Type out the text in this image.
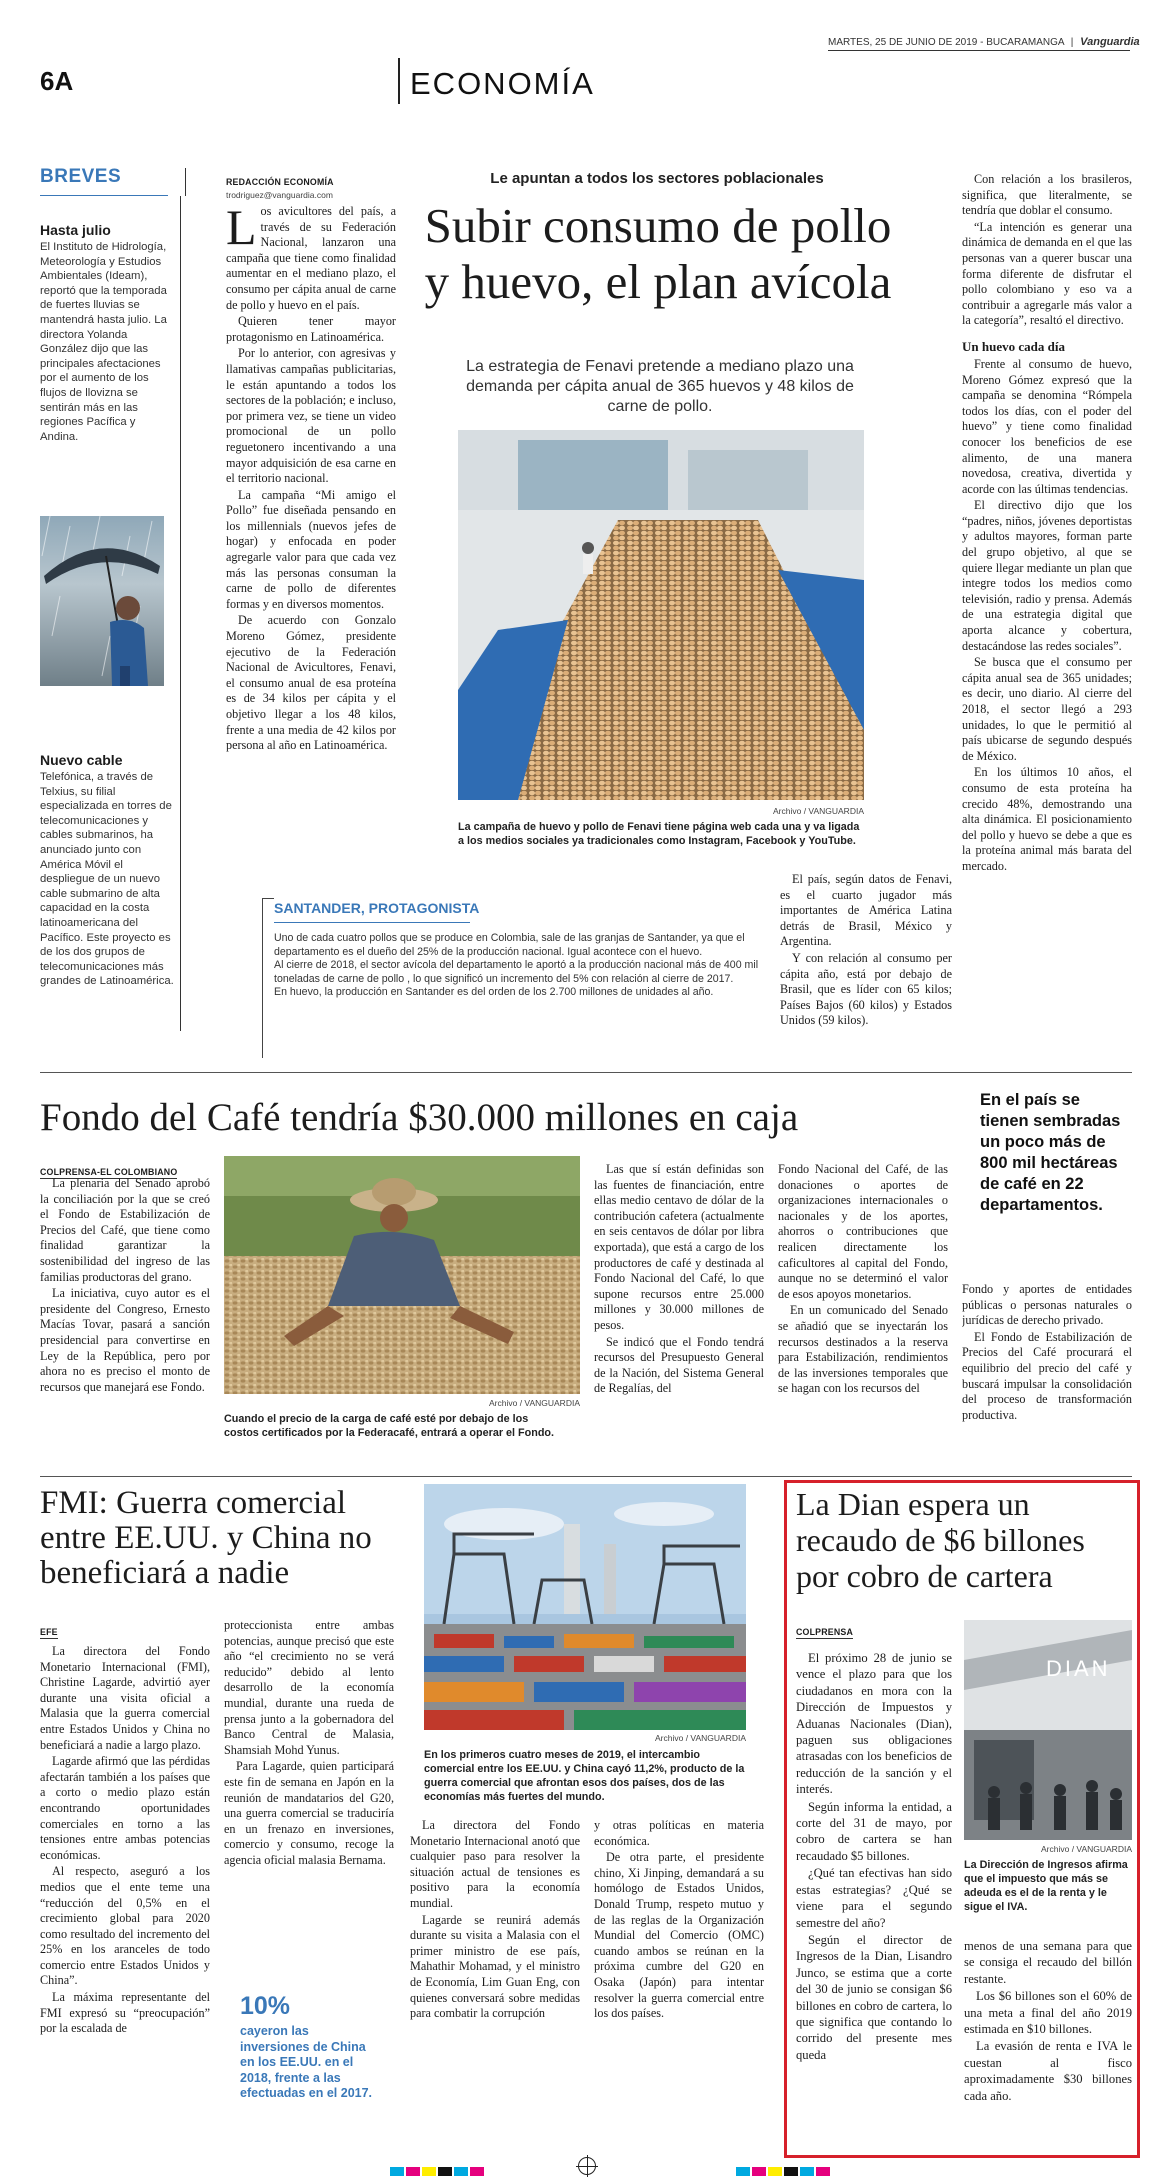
6A	ECONOMÍA
MARTES, 25 DE JUNIO DE 2019 - BUCARAMANGA | Vanguardia
BREVES
Hasta julio
El Instituto de Hidrología, Meteorología y Estudios Ambientales (Ideam), reportó que la temporada de fuertes lluvias se mantendrá hasta julio. La directora Yolanda González dijo que las principales afectaciones por el aumento de los flujos de lloviznа se sentirán más en las regiones Pacífica y Andina.
Nuevo cable
Telefónica, a través de Telxius, su filial especializada en torres de telecomunicaciones y cables submarinos, ha anunciado junto con América Móvil el despliegue de un nuevo cable submarino de alta capacidad en la costa latinoamericana del Pacífico. Este proyecto es de los dos grupos de telecomunicaciones más grandes de Latinoamérica.
REDACCIÓN ECONOMÍA
trodriguez@vanguardia.com

L os avicultores del país, a través de su Federación Nacional, lanzaron una campaña que tiene como finalidad aumentar en el mediano plazo, el consumo per cápita anual de carne de pollo y huevo en el país.

Quieren tener mayor protagonismo en Latinoamérica.

Por lo anterior, con agresivas y llamativas campañas publicitarias, le están apuntando a todos los sectores de la población; e incluso, por primera vez, se tiene un video promocional de un pollo reguetonero incentivando a una mayor adquisición de esa carne en el territorio nacional.

La campaña “Mi amigo el Pollo” fue diseñada pensando en los millennials (nuevos jefes de hogar) y enfocada en poder agregarle valor para que cada vez más las personas consuman la carne de pollo de diferentes formas y en diversos momentos.

De acuerdo con Gonzalo Moreno Gómez, presidente ejecutivo de la Federación Nacional de Avicultores, Fenavi, el consumo anual de esa proteína es de 34 kilos per cápita y el objetivo llegar a los 48 kilos, frente a una media de 42 kilos por persona al año en Latinoamérica.

Le apuntan a todos los sectores poblacionales
Subir consumo de pollo
y huevo, el plan avícola
La estrategia de Fenavi pretende a mediano plazo una demanda per cápita anual de 365 huevos y 48 kilos de carne de pollo.
Archivo / VANGUARDIA
La campaña de huevo y pollo de Fenavi tiene página web cada una y va ligada a los medios sociales ya tradicionales como Instagram, Facebook y YouTube.

El país, según datos de Fenavi, es el cuarto jugador más importantes de América Latina detrás de Brasil, México y Argentina.

Y con relación al consumo per cápita año, está por debajo de Brasil, que es líder con 65 kilos; Países Bajos (60 kilos) y Estados Unidos (59 kilos).

Con relación a los brasileros, significa, que literalmente, se tendría que doblar el consumo.

“La intención es generar una dinámica de demanda en el que las personas van a querer buscar una forma diferente de disfrutar el pollo colombiano y eso va a contribuir a agregarle más valor a la categoría”, resaltó el directivo.

Un huevo cada día

Frente al consumo de huevo, Moreno Gómez expresó que la campaña se denomina “Rómpela todos los días, con el poder del huevo” y tiene como finalidad conocer los beneficios de ese alimento, de una manera novedosa, creativa, divertida y acorde con las últimas tendencias.

El directivo dijo que los “padres, niños, jóvenes deportistas y adultos mayores, forman parte del grupo objetivo, al que se quiere llegar mediante un plan que integre todos los medios como televisión, radio y prensa. Además de una estrategia digital que aporta alcance y cobertura, destacándose las redes sociales”.

Se busca que el consumo per cápita anual sea de 365 unidades; es decir, uno diario. Al cierre del 2018, el sector llegó a 293 unidades, lo que le permitió al país ubicarse de segundo después de México.

En los últimos 10 años, el consumo de esta proteína ha crecido 48%, demostrando una alta dinámica. El posicionamiento del pollo y huevo se debe a que es la proteína animal más barata del mercado.

SANTANDER, PROTAGONISTA
Uno de cada cuatro pollos que se produce en Colombia, sale de las granjas de Santander, ya que el departamento es el dueño del 25% de la producción nacional. Igual acontece con el huevo.
Al cierre de 2018, el sector avícola del departamento le aportó a la producción nacional más de 400 mil toneladas de carne de pollo , lo que significó un incremento del 5% con relación al cierre de 2017.
En huevo, la producción en Santander es del orden de los 2.700 millones de unidades al año.
Fondo del Café tendría $30.000 millones en caja
COLPRENSA-EL COLOMBIANO

La plenaria del Senado aprobó la conciliación por la que se creó el Fondo de Estabilización de Precios del Café, que tiene como finalidad garantizar la sostenibilidad del ingreso de las familias productoras del grano.

La iniciativa, cuyo autor es el presidente del Congreso, Ernesto Macías Tovar, pasará a sanción presidencial para convertirse en Ley de la República, pero por ahora no es preciso el monto de recursos que manejará ese Fondo.

Archivo / VANGUARDIA
Cuando el precio de la carga de café esté por debajo de los costos certificados por la Federacafé, entrará a operar el Fondo.

Las que sí están definidas son las fuentes de financiación, entre ellas medio centavo de dólar de la contribución cafetera (actualmente en seis centavos de dólar por libra exportada), que está a cargo de los productores de café y destinada al Fondo Nacional del Café, lo que supone recursos entre 25.000 millones y 30.000 millones de pesos.

Se indicó que el Fondo tendrá recursos del Presupuesto General de la Nación, del Sistema General de Regalías, del

Fondo Nacional del Café, de las donaciones o aportes de organizaciones internacionales o nacionales y de los aportes, ahorros o contribuciones que realicen directamente los caficultores al capital del Fondo, aunque no se determinó el valor de esos apoyos monetarios.

En un comunicado del Senado se añadió que se inyectarán los recursos destinados a la reserva para Estabilización, rendimientos de las inversiones temporales que se hagan con los recursos del

En el país se tienen sembradas un poco más de 800 mil hectáreas de café en 22 departamentos.

Fondo y aportes de entidades públicas o personas naturales o jurídicas de derecho privado.

El Fondo de Estabilización de Precios del Café procurará el equilibrio del precio del café y buscará impulsar la consolidación del proceso de transformación productiva.

FMI: Guerra comercial entre EE.UU. y China no beneficiará a nadie
EFE

La directora del Fondo Monetario Internacional (FMI), Christine Lagarde, advirtió ayer durante una visita oficial a Malasia que la guerra comercial entre Estados Unidos y China no beneficiará a nadie a largo plazo.

Lagarde afirmó que las pérdidas afectarán también a los países que a corto o medio plazo están encontrando oportunidades comerciales en torno a las tensiones entre ambas potencias económicas.

Al respecto, aseguró a los medios que el ente teme una “reducción del 0,5% en el crecimiento global para 2020 como resultado del incremento del 25% en los aranceles de todo comercio entre Estados Unidos y China”.

La máxima representante del FMI expresó su “preocupación” por la escalada de

proteccionista entre ambas potencias, aunque precisó que este año “el crecimiento no se verá reducido” debido al lento desarrollo de la economía mundial, durante una rueda de prensa junto a la gobernadora del Banco Central de Malasia, Shamsiah Mohd Yunus.

Para Lagarde, quien participará este fin de semana en Japón en la reunión de mandatarios del G20, una guerra comercial se traduciría en un frenazo en inversiones, comercio y consumo, recoge la agencia oficial malasia Bernama.

10%
cayeron las inversiones de China en los EE.UU. en el 2018, frente a las efectuadas en el 2017.
Archivo / VANGUARDIA
En los primeros cuatro meses de 2019, el intercambio comercial entre los EE.UU. y China cayó 11,2%, producto de la guerra comercial que afrontan esos dos países, dos de las economías más fuertes del mundo.

La directora del Fondo Monetario Internacional anotó que cualquier paso para resolver la situación actual de tensiones es positivo para la economía mundial.

Lagarde se reunirá además durante su visita a Malasia con el primer ministro de ese país, Mahathir Mohamad, y el ministro de Economía, Lim Guan Eng, con quienes conversará sobre medidas para combatir la corrupción

y otras políticas en materia económica.

De otra parte, el presidente chino, Xi Jinping, demandará a su homólogo de Estados Unidos, Donald Trump, respeto mutuo y de las reglas de la Organización Mundial del Comercio (OMC) cuando ambos se reúnan en la próxima cumbre del G20 en Osaka (Japón) para intentar resolver la guerra comercial entre los dos países.

La Dian espera un recaudo de $6 billones por cobro de cartera
COLPRENSA

El próximo 28 de junio se vence el plazo para que los ciudadanos en mora con la Dirección de Impuestos y Aduanas Nacionales (Dian), paguen sus obligaciones atrasadas con los beneficios de reducción de la sanción y el interés.

Según informa la entidad, a corte del 31 de mayo, por cobro de cartera se han recaudado $5 billones.

¿Qué tan efectivas han sido estas estrategias? ¿Qué se viene para el segundo semestre del año?

Según el director de Ingresos de la Dian, Lisandro Junco, se estima que a corte del 30 de junio se consigan $6 billones en cobro de cartera, lo que significa que contando lo corrido del presente mes queda

DIAN
Archivo / VANGUARDIA
La Dirección de Ingresos afirma que el impuesto que más se adeuda es el de la renta y le sigue el IVA.

menos de una semana para que se consiga el recaudo del billón restante.

Los $6 billones son el 60% de una meta a final del año 2019 estimada en $10 billones.

La evasión de renta e IVA le cuestan al fisco aproximadamente $30 billones cada año.
